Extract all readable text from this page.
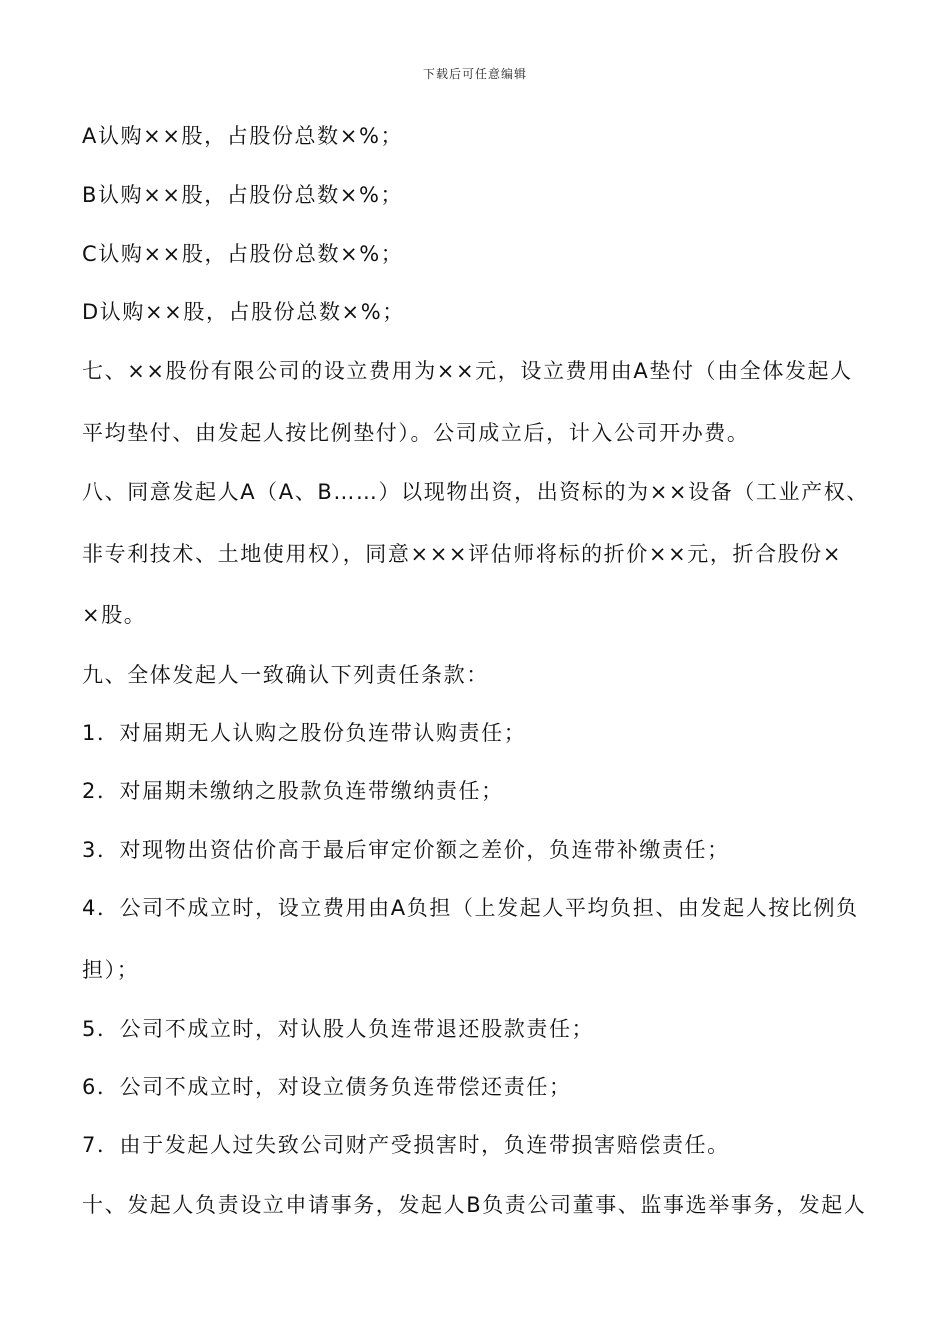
下载后可任意编辑
A认购××股，占股份总数×%；
B认购××股，占股份总数×%；
C认购××股，占股份总数×%；
D认购××股，占股份总数×%；
七、××股份有限公司的设立费用为××元，设立费用由A垫付（由全体发起人
平均垫付、由发起人按比例垫付）。公司成立后，计入公司开办费。
八、同意发起人A（A、B……）以现物出资，出资标的为××设备（工业产权、
非专利技术、土地使用权），同意×××评估师将标的折价××元，折合股份×
×股。
九、全体发起人一致确认下列责任条款：
1．对届期无人认购之股份负连带认购责任；
2．对届期未缴纳之股款负连带缴纳责任；
3．对现物出资估价高于最后审定价额之差价，负连带补缴责任；
4．公司不成立时，设立费用由A负担（上发起人平均负担、由发起人按比例负
担）；
5．公司不成立时，对认股人负连带退还股款责任；
6．公司不成立时，对设立债务负连带偿还责任；
7．由于发起人过失致公司财产受损害时，负连带损害赔偿责任。
十、发起人负责设立申请事务，发起人B负责公司董事、监事选举事务，发起人
